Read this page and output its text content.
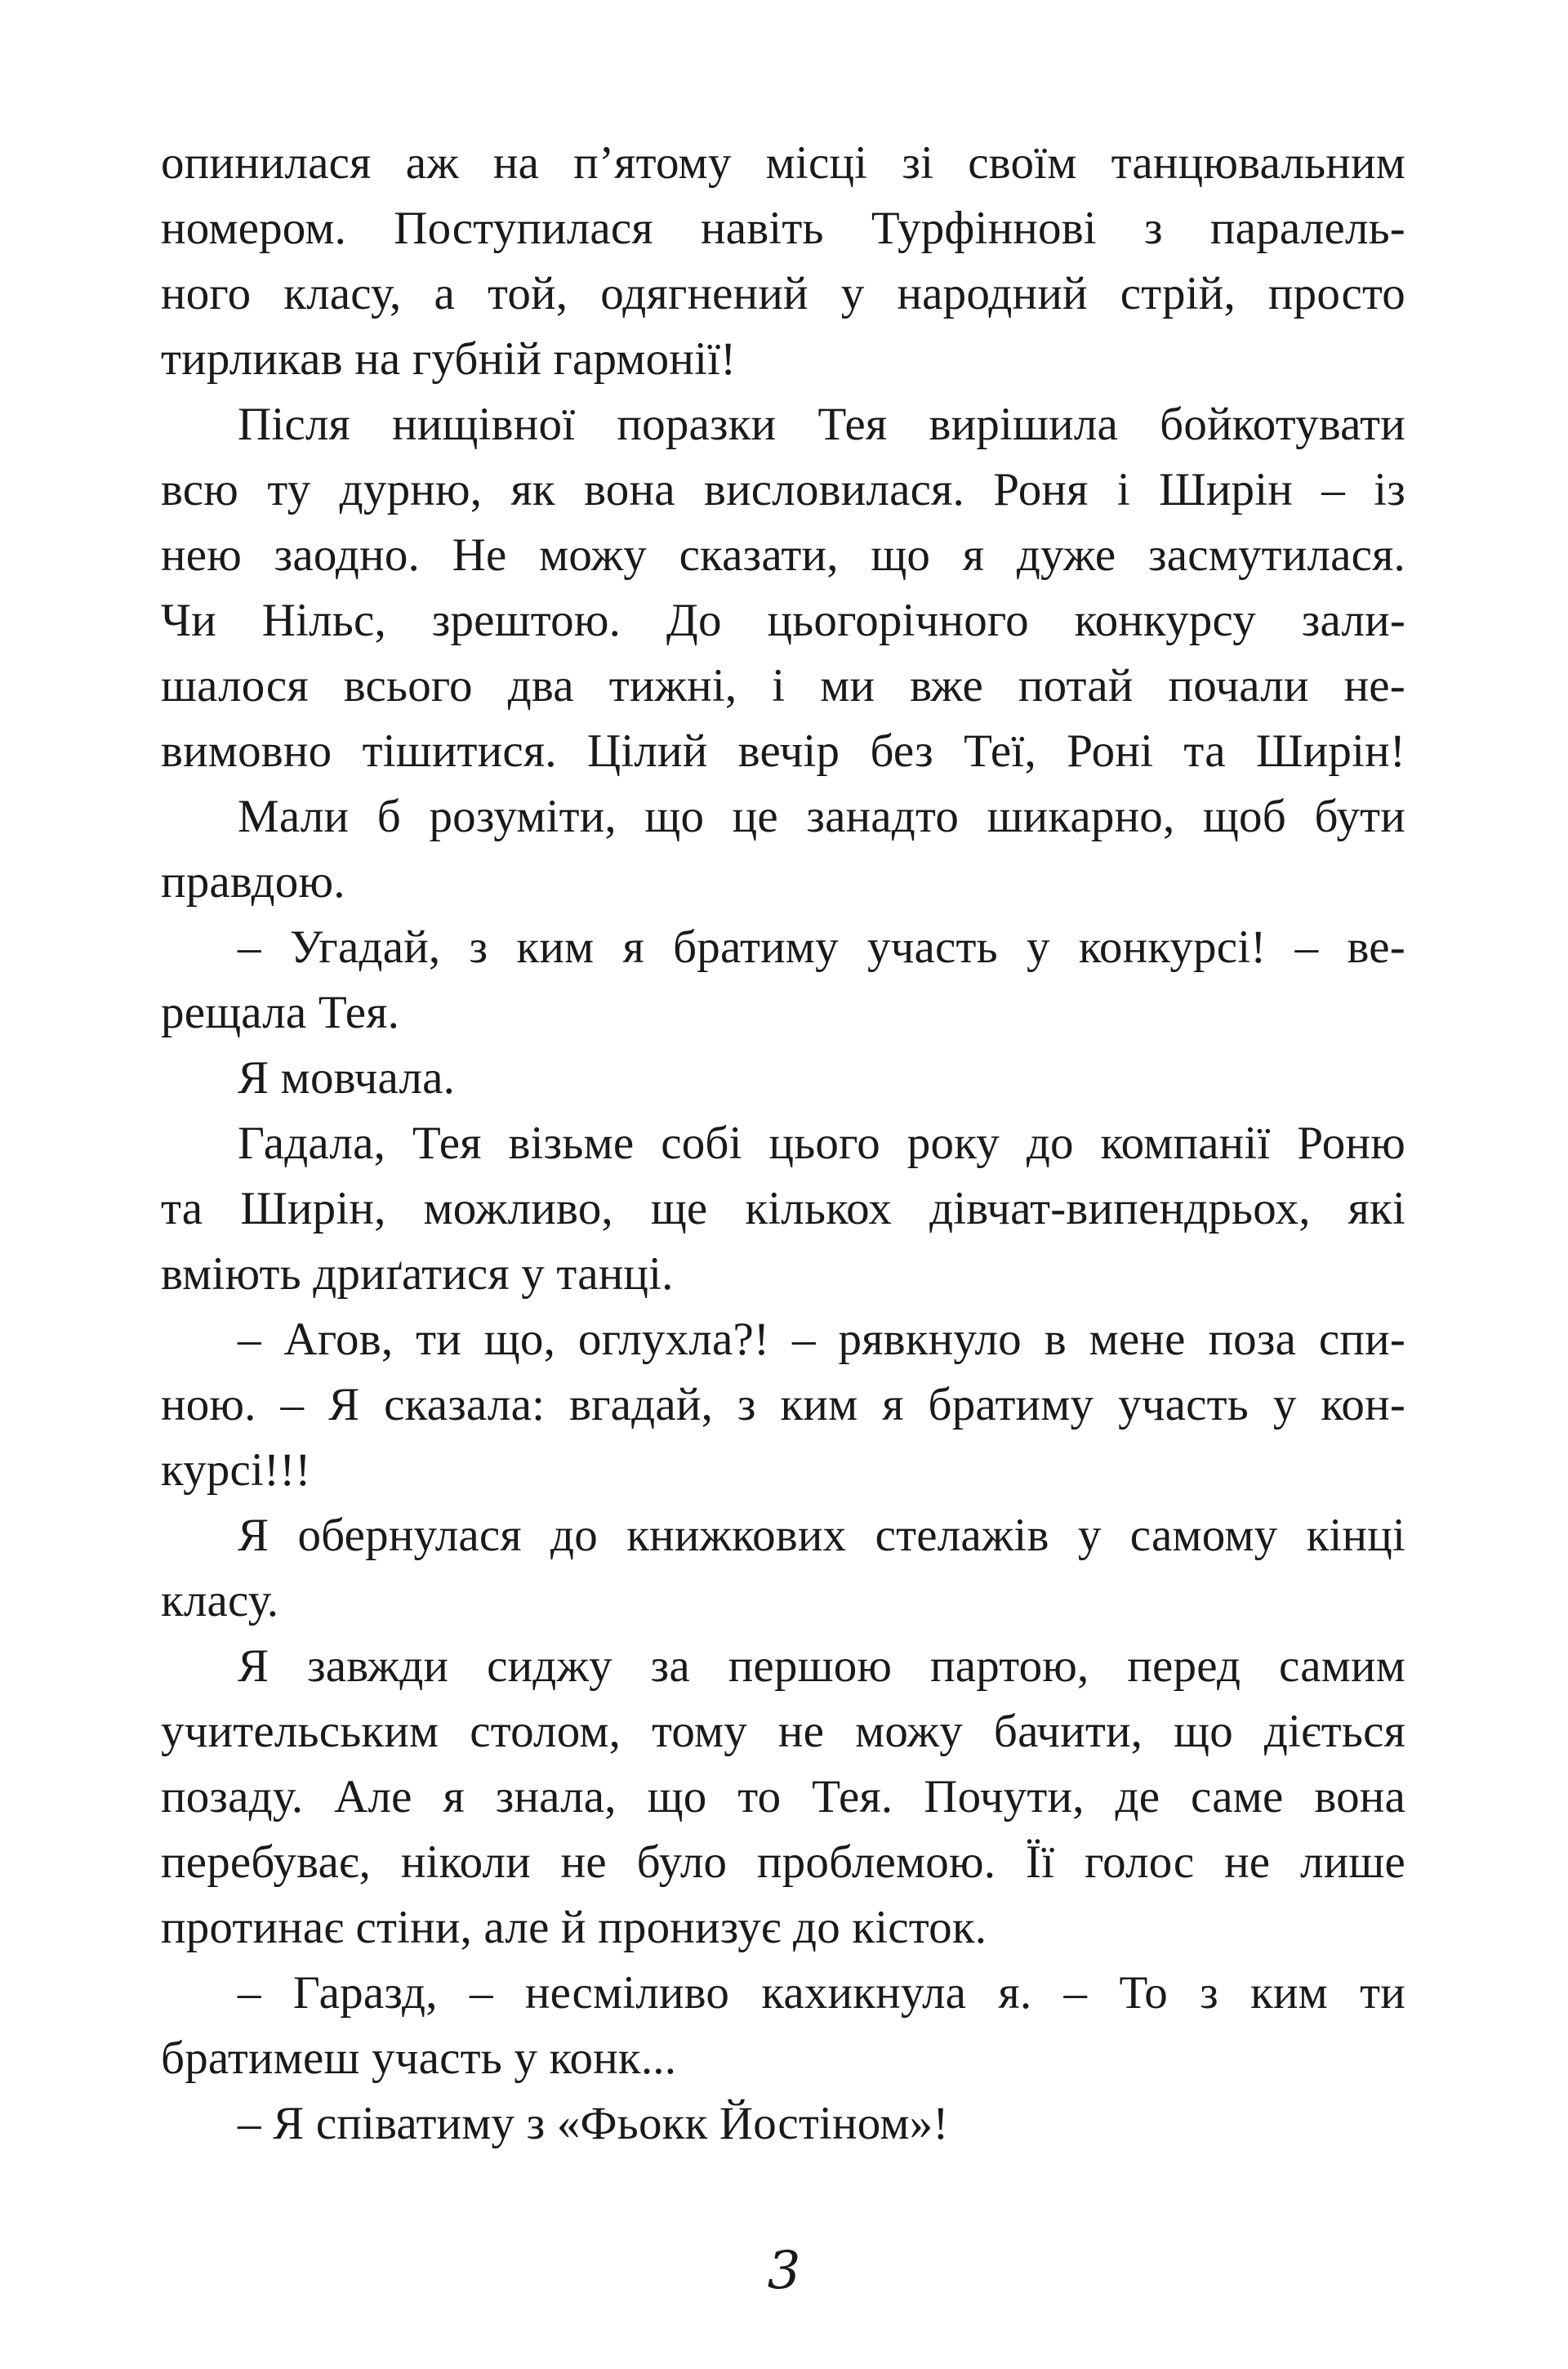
опинилася аж на п’ятому місці зі своїм танцювальним
номером. Поступилася навіть Турфіннові з паралель-
ного класу, а той, одягнений у народний стрій, просто
тирликав на губній гармонії!
Після нищівної поразки Тея вирішила бойкотувати
всю ту дурню, як вона висловилася. Роня і Ширін – із
нею заодно. Не можу сказати, що я дуже засмутилася.
Чи Нільс, зрештою. До цьогорічного конкурсу зали-
шалося всього два тижні, і ми вже потай почали не-
вимовно тішитися. Цілий вечір без Теї, Роні та Ширін!
Мали б розуміти, що це занадто шикарно, щоб бути
правдою.
– Угадай, з ким я братиму участь у конкурсі! – ве-
рещала Тея.
Я мовчала.
Гадала, Тея візьме собі цього року до компанії Роню
та Ширін, можливо, ще кількох дівчат-випендрьох, які
вміють дриґатися у танці.
– Агов, ти що, оглухла?! – рявкнуло в мене поза спи-
ною. – Я сказала: вгадай, з ким я братиму участь у кон-
курсі!!!
Я обернулася до книжкових стелажів у самому кінці
класу.
Я завжди сиджу за першою партою, перед самим
учительським столом, тому не можу бачити, що діється
позаду. Але я знала, що то Тея. Почути, де саме вона
перебуває, ніколи не було проблемою. Її голос не лише
протинає стіни, але й пронизує до кісток.
– Гаразд, – несміливо кахикнула я. – То з ким ти
братимеш участь у конк...
– Я співатиму з «Фьокк Йостіном»!
3
